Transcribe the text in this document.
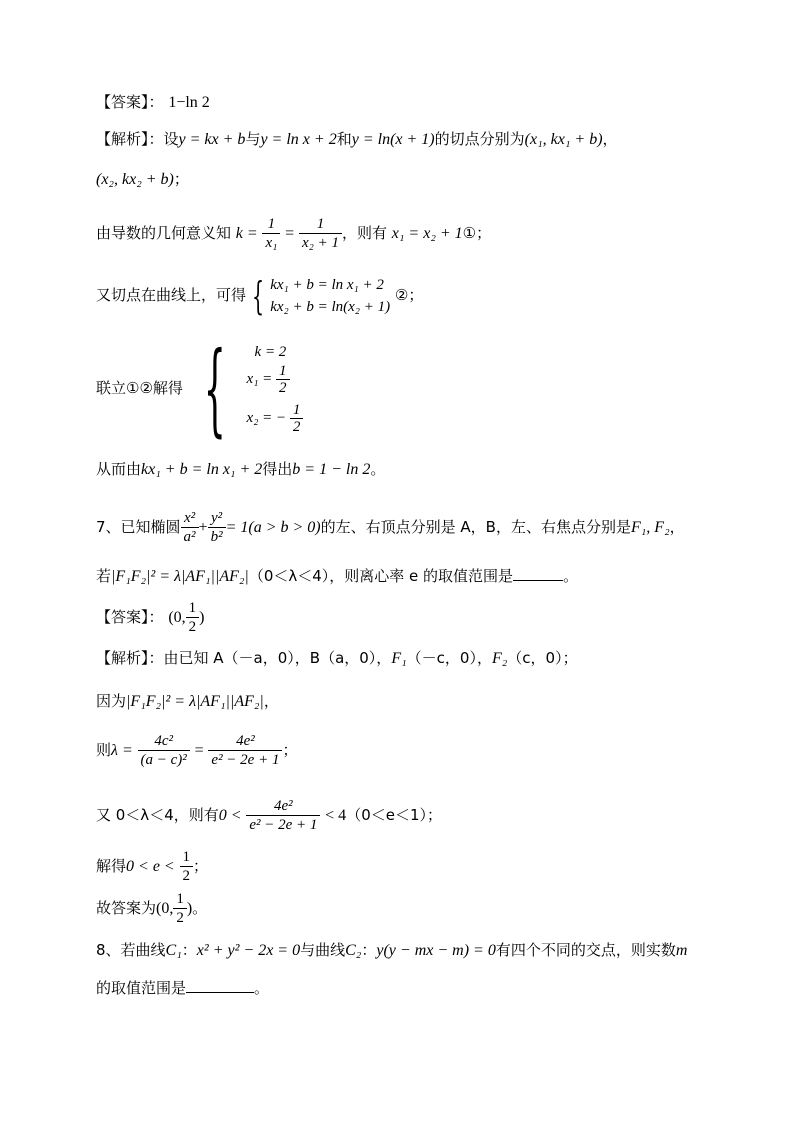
【答案】： 1−ln 2
【解析】：设y = kx + b与y = ln x + 2和y = ln(x + 1)的切点分别为(x₁, kx₁ + b)，
(x₂, kx₂ + b)；
由导数的几何意义知 $k = \frac{1}{\text{x₁}} = \frac{1}{\text{x₂ + 1}}$ ，则有 x₁ = x₂ + 1①；
又切点在曲线上，可得 { kx₁ + b = ln x₁ + 2
kx₂ + b = ln(x₂ + 1)
②；
联立①②解得 {	k = 2
$x_1 = \frac{1}{2}$
x₂ = − $\frac{1}{2}$
从而由kx₁ + b = ln x₁ + 2得出b = 1 − ln 2。
7、已知椭圆 $\frac{\text{x²}}{\text{a²}} + \frac{\text{y²}}{\text{b²}} = 1(a > b > 0)$的左、右顶点分别是 A，B，左、右焦点分别是F₁, F₂，
若|F₁F₂|² = λ|AF₁||AF₂|（0＜λ＜4），则离心率 e 的取值范围是	。
【答案】： (0, $\frac{1}{2}$ )
【解析】：由已知 A（－a，0），B（a，0），F₁（－c，0），F₂（c，0）；
因为|F₁F₂|² = λ|AF₁||AF₂|，
则$\lambda = \frac{\text{4c²}}{\text{(a − c)²}} = \frac{\text{4e²}}{\text{e² − 2e + 1}}$ ；
又 0＜λ＜4，则有$0 < \frac{\text{4e²}}{\text{e² − 2e + 1}} < 4(0<e<1)$；
解得$0 < e < \frac{1}{2}$ ；
故答案为(0, $\frac{1}{2}$ )。
8、若曲线C₁：x² + y² − 2x = 0与曲线C₂：y(y − mx − m) = 0有四个不同的交点，则实数m
的取值范围是	。
